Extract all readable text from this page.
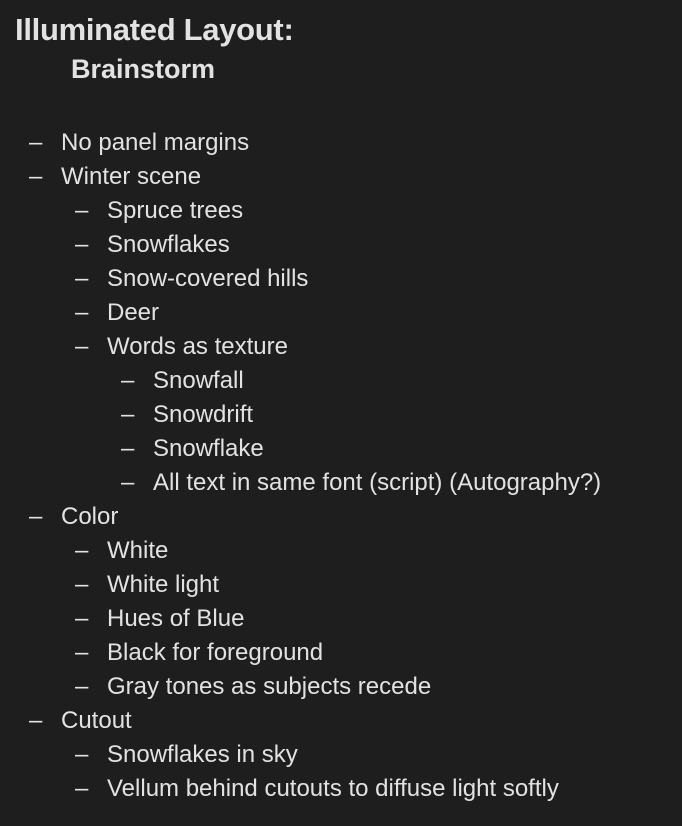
Illuminated Layout:
Brainstorm
– No panel margins
– Winter scene
– Spruce trees
– Snowflakes
– Snow-covered hills
– Deer
– Words as texture
– Snowfall
– Snowdrift
– Snowflake
– All text in same font (script) (Autography?)
– Color
– White
– White light
– Hues of Blue
– Black for foreground
– Gray tones as subjects recede
– Cutout
– Snowflakes in sky
– Vellum behind cutouts to diffuse light softly
